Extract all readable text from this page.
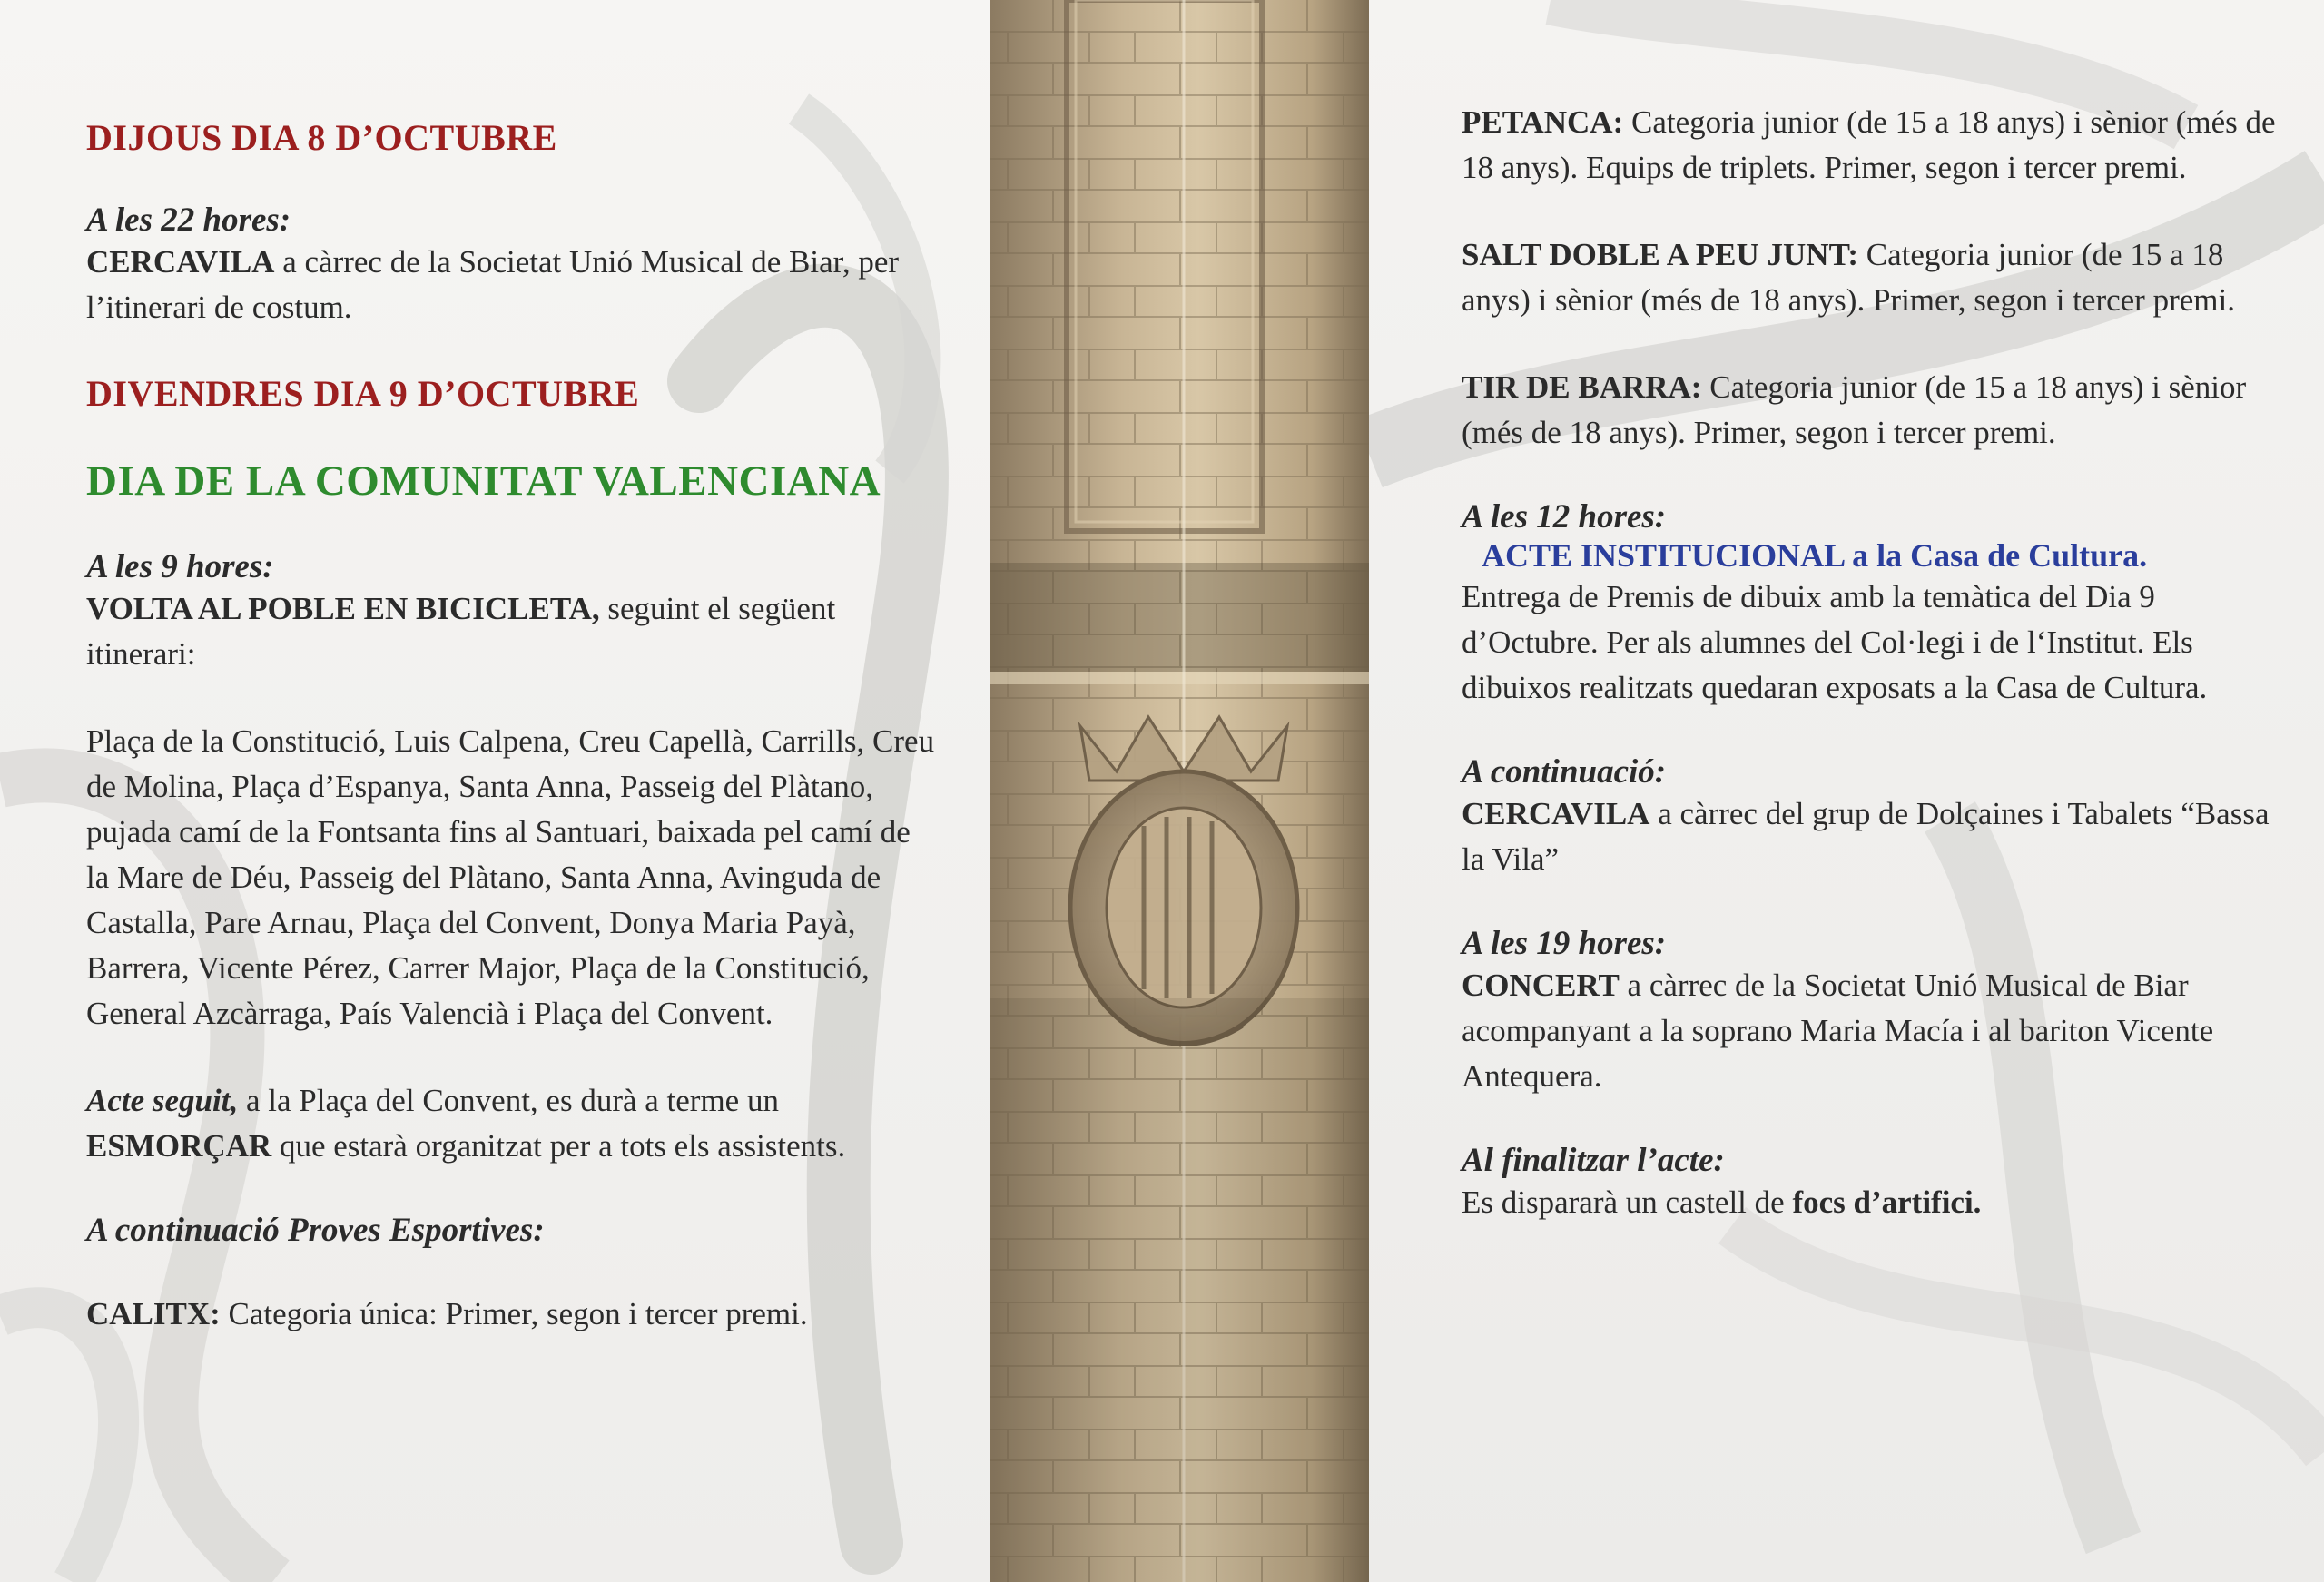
DIJOUS DIA 8 D’OCTUBRE
A les 22 hores:

CERCAVILA a càrrec de la Societat Unió Musical de Biar, per l’itinerari de costum.

DIVENDRES DIA 9 D’OCTUBRE
DIA DE LA COMUNITAT VALENCIANA
A les 9 hores:

VOLTA AL POBLE EN BICICLETA, seguint el següent itinerari:

Plaça de la Constitució, Luis Calpena, Creu Capellà, Carrills, Creu de Molina, Plaça d’Espanya, Santa Anna, Passeig del Plàtano, pujada camí de la Fontsanta fins al Santuari, baixada pel camí de la Mare de Déu, Passeig del Plàtano, Santa Anna, Avinguda de Castalla, Pare Arnau, Plaça del Convent, Donya Maria Payà, Barrera, Vicente Pérez, Carrer Major, Plaça de la Constitució, General Azcàrraga, País Valencià i Plaça del Convent.

Acte seguit, a la Plaça del Convent, es durà a terme un ESMORÇAR que estarà organitzat per a tots els assistents.

A continuació Proves Esportives:

CALITX: Categoria única: Primer, segon i tercer premi.

PETANCA: Categoria junior (de 15 a 18 anys) i sènior (més de 18 anys). Equips de triplets. Primer, segon i tercer premi.

SALT DOBLE A PEU JUNT: Categoria junior (de 15 a 18 anys) i sènior (més de 18 anys). Primer, segon i tercer premi.

TIR DE BARRA: Categoria junior (de 15 a 18 anys) i sènior (més de 18 anys). Primer, segon i tercer premi.

A les 12 hores:
ACTE INSTITUCIONAL a la Casa de Cultura.

Entrega de Premis de dibuix amb la temàtica del Dia 9 d’Octubre. Per als alumnes del Col·legi i de l‘Institut. Els dibuixos realitzats quedaran exposats a la Casa de Cultura.

A continuació:

CERCAVILA a càrrec del grup de Dolçaines i Tabalets “Bassa la Vila”

A les 19 hores:

CONCERT a càrrec de la Societat Unió Musical de Biar acompanyant a la soprano Maria Macía i al bariton Vicente Antequera.

Al finalitzar l’acte:

Es dispararà un castell de focs d’artifici.
